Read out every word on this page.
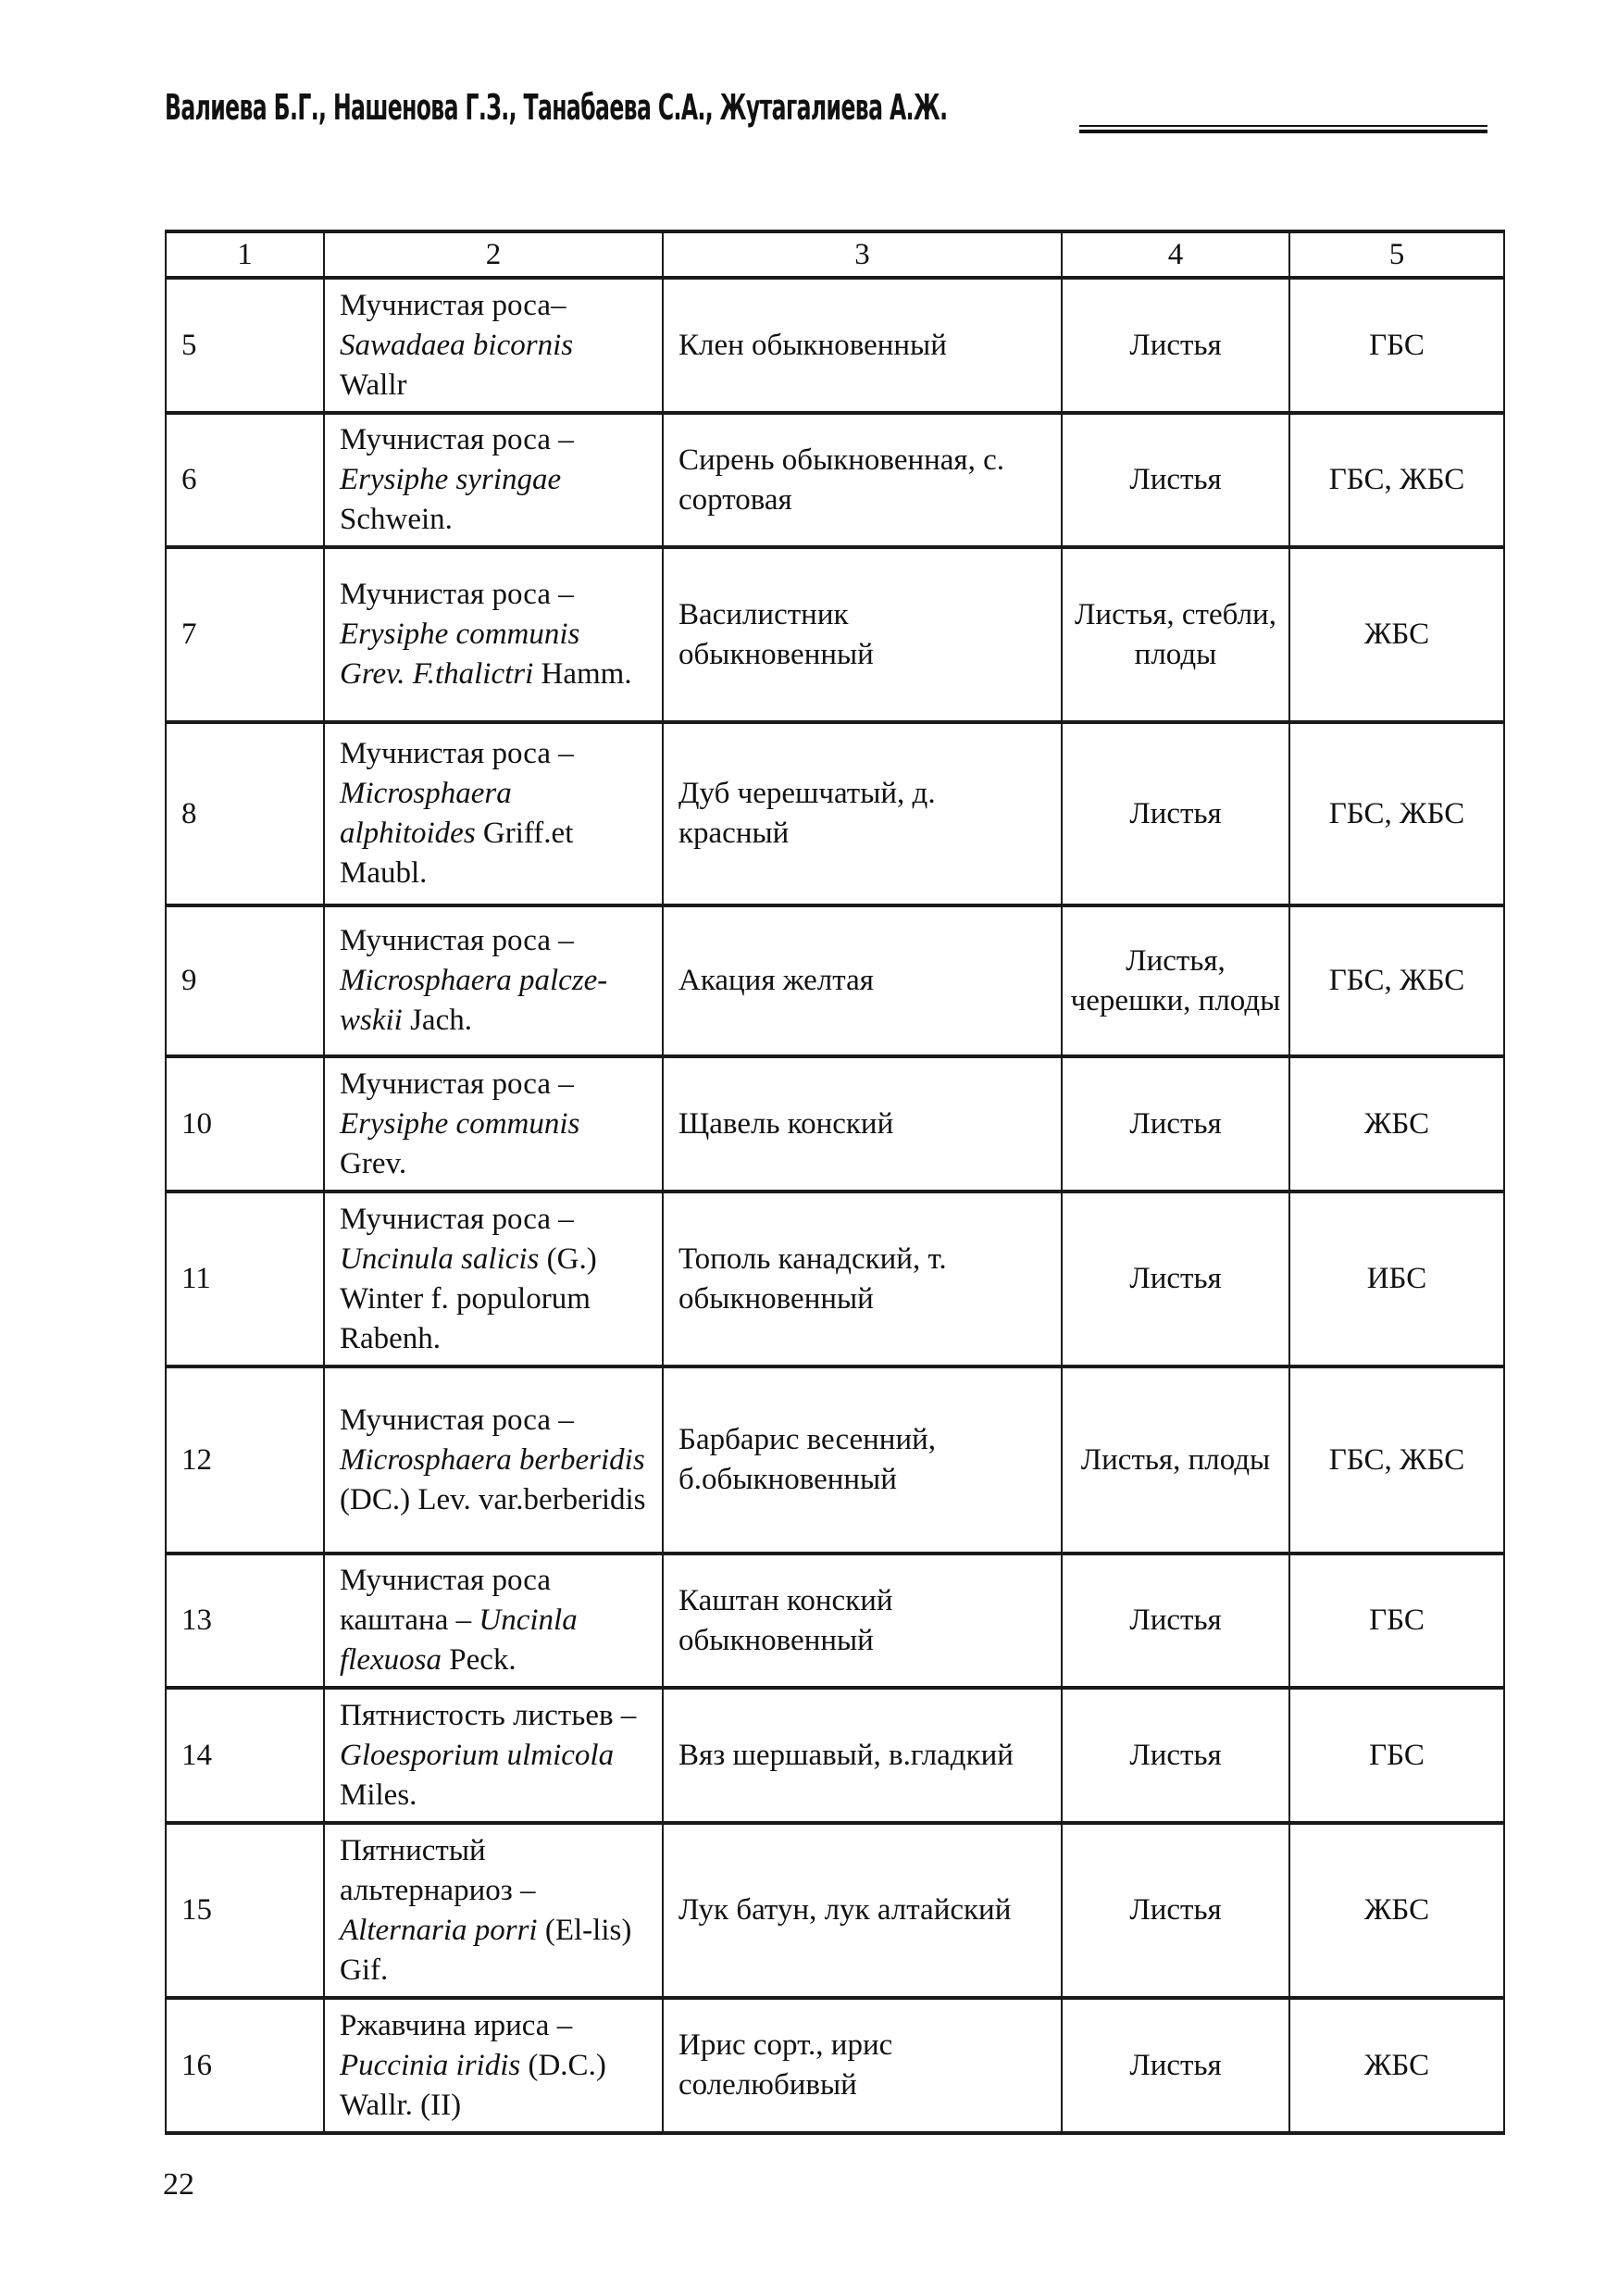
Валиева Б.Г., Нашенова Г.З., Танабаева С.А., Жутагалиева А.Ж.
1	2	3	4	5
5	Мучнистая роса– Sawadaea bicornis Wallr	Клен обыкновенный	Листья	ГБС
6	Мучнистая роса – Erysiphe syringae Schwein.	Сирень обыкновенная, с. сортовая	Листья	ГБС, ЖБС
7	Мучнистая роса – Erysiphe communis Grev. F.thalictri Hamm.	Василистник обыкновенный	Листья, стебли, плоды	ЖБС
8	Мучнистая роса – Microsphaera alphitoides Griff.et Maubl.	Дуб черешчатый, д. красный	Листья	ГБС, ЖБС
9	Мучнистая роса – Microsphaera palcze-wskii Jach.	Акация желтая	Листья, черешки, плоды	ГБС, ЖБС
10	Мучнистая роса – Erysiphe communis Grev.	Щавель конский	Листья	ЖБС
11	Мучнистая роса – Uncinula salicis (G.) Winter f. populorum Rabenh.	Тополь канадский, т. обыкновенный	Листья	ИБС
12	Мучнистая роса – Microsphaera berberidis (DC.) Lev. var.berberidis	Барбарис весенний, б.обыкновенный	Листья, плоды	ГБС, ЖБС
13	Мучнистая роса каштана – Uncinla flexuosa Peck.	Каштан конский обыкновенный	Листья	ГБС
14	Пятнистость листьев – Gloesporium ulmicola Miles.	Вяз шершавый, в.гладкий	Листья	ГБС
15	Пятнистый альтернариоз – Alternaria porri (El-lis) Gif.	Лук батун, лук алтайский	Листья	ЖБС
16	Ржавчина ириса – Puccinia iridis (D.C.) Wallr. (II)	Ирис сорт., ирис солелюбивый	Листья	ЖБС
22
